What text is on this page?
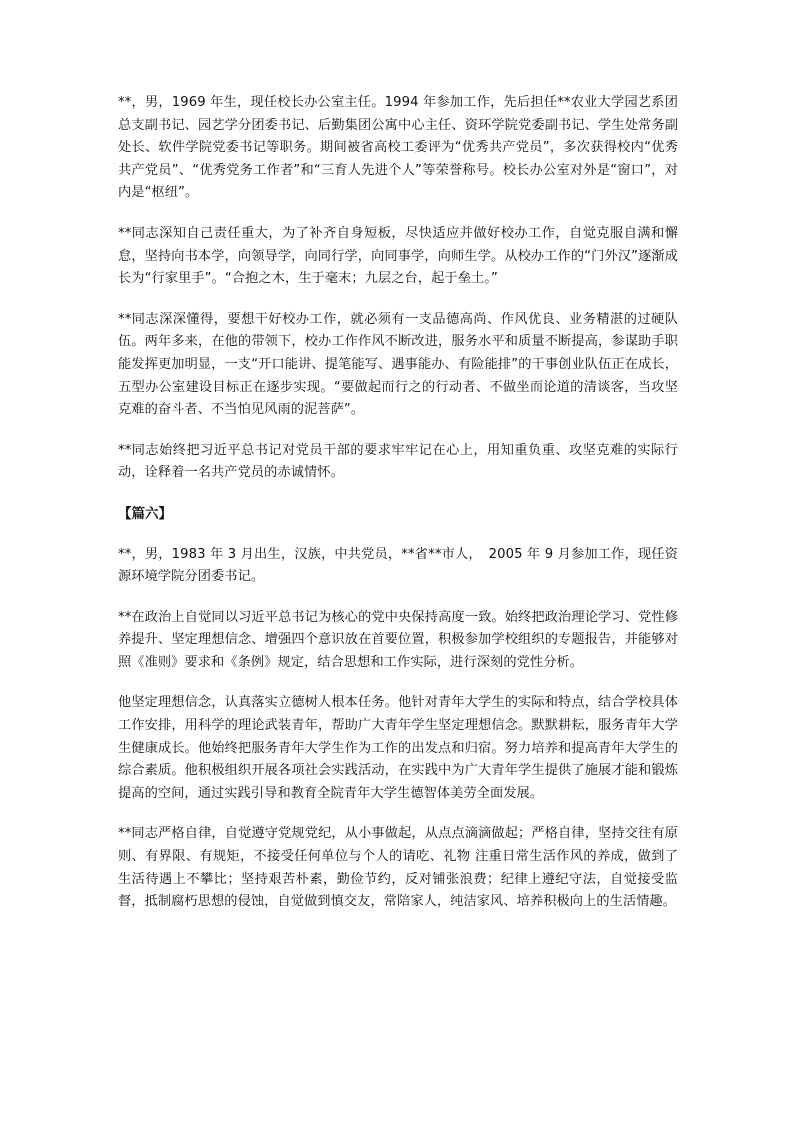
**，男，1969 年生，现任校长办公室主任。1994 年参加工作，先后担任**农业大学园艺系团总支副书记、园艺学分团委书记、后勤集团公寓中心主任、资环学院党委副书记、学生处常务副处长、软件学院党委书记等职务。期间被省高校工委评为“优秀共产党员”，多次获得校内“优秀共产党员”、“优秀党务工作者”和“三育人先进个人”等荣誉称号。校长办公室对外是“窗口”，对内是“枢纽”。

**同志深知自己责任重大，为了补齐自身短板，尽快适应并做好校办工作，自觉克服自满和懈怠，坚持向书本学，向领导学，向同行学，向同事学，向师生学。从校办工作的“门外汉”逐渐成长为“行家里手”。“合抱之木，生于毫末；九层之台，起于垒土。”

**同志深深懂得，要想干好校办工作，就必须有一支品德高尚、作风优良、业务精湛的过硬队伍。两年多来，在他的带领下，校办工作作风不断改进，服务水平和质量不断提高，参谋助手职能发挥更加明显，一支“开口能讲、提笔能写、遇事能办、有险能排”的干事创业队伍正在成长，五型办公室建设目标正在逐步实现。“要做起而行之的行动者、不做坐而论道的清谈客，当攻坚克难的奋斗者、不当怕见风雨的泥菩萨”。

**同志始终把习近平总书记对党员干部的要求牢牢记在心上，用知重负重、攻坚克难的实际行动，诠释着一名共产党员的赤诚情怀。

【篇六】

**，男，1983 年 3 月出生，汉族，中共党员，**省**市人，　2005 年 9 月参加工作，现任资源环境学院分团委书记。

**在政治上自觉同以习近平总书记为核心的党中央保持高度一致。始终把政治理论学习、党性修养提升、坚定理想信念、增强四个意识放在首要位置，积极参加学校组织的专题报告，并能够对照《准则》要求和《条例》规定，结合思想和工作实际，进行深刻的党性分析。

他坚定理想信念，认真落实立德树人根本任务。他针对青年大学生的实际和特点，结合学校具体工作安排，用科学的理论武装青年，帮助广大青年学生坚定理想信念。默默耕耘，服务青年大学生健康成长。他始终把服务青年大学生作为工作的出发点和归宿。努力培养和提高青年大学生的综合素质。他积极组织开展各项社会实践活动，在实践中为广大青年学生提供了施展才能和锻炼提高的空间，通过实践引导和教育全院青年大学生德智体美劳全面发展。

**同志严格自律，自觉遵守党规党纪，从小事做起，从点点滴滴做起；严格自律，坚持交往有原则、有界限、有规矩，不接受任何单位与个人的请吃、礼物 注重日常生活作风的养成，做到了生活待遇上不攀比；坚持艰苦朴素，勤俭节约，反对铺张浪费；纪律上遵纪守法，自觉接受监督，抵制腐朽思想的侵蚀，自觉做到慎交友，常陪家人，纯洁家风、培养积极向上的生活情趣。
